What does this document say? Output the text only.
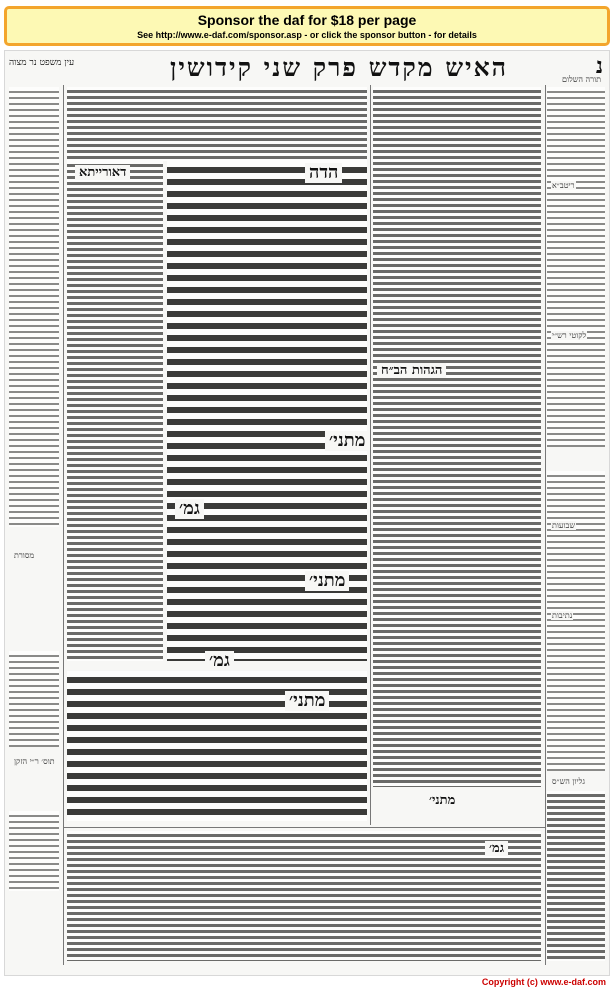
Sponsor the daf for $18 per page
See http://www.e-daf.com/sponsor.asp - or click the sponsor button - for details
עין משפט נר מצוה	האיש מקדש פרק שני קידושין	נ
תורה השלום
הדה
מתני׳
גמ׳
מתני׳
גמ׳
מתני׳
דאורייתא
הגהות הב״ח
מתני׳
גמ׳
ריטב״א
לקוטי רש״י
שבועות
נתיבות
מסורת
תוס׳ ר״י הזקן
גליון הש״ס
Copyright (c) www.e-daf.com
